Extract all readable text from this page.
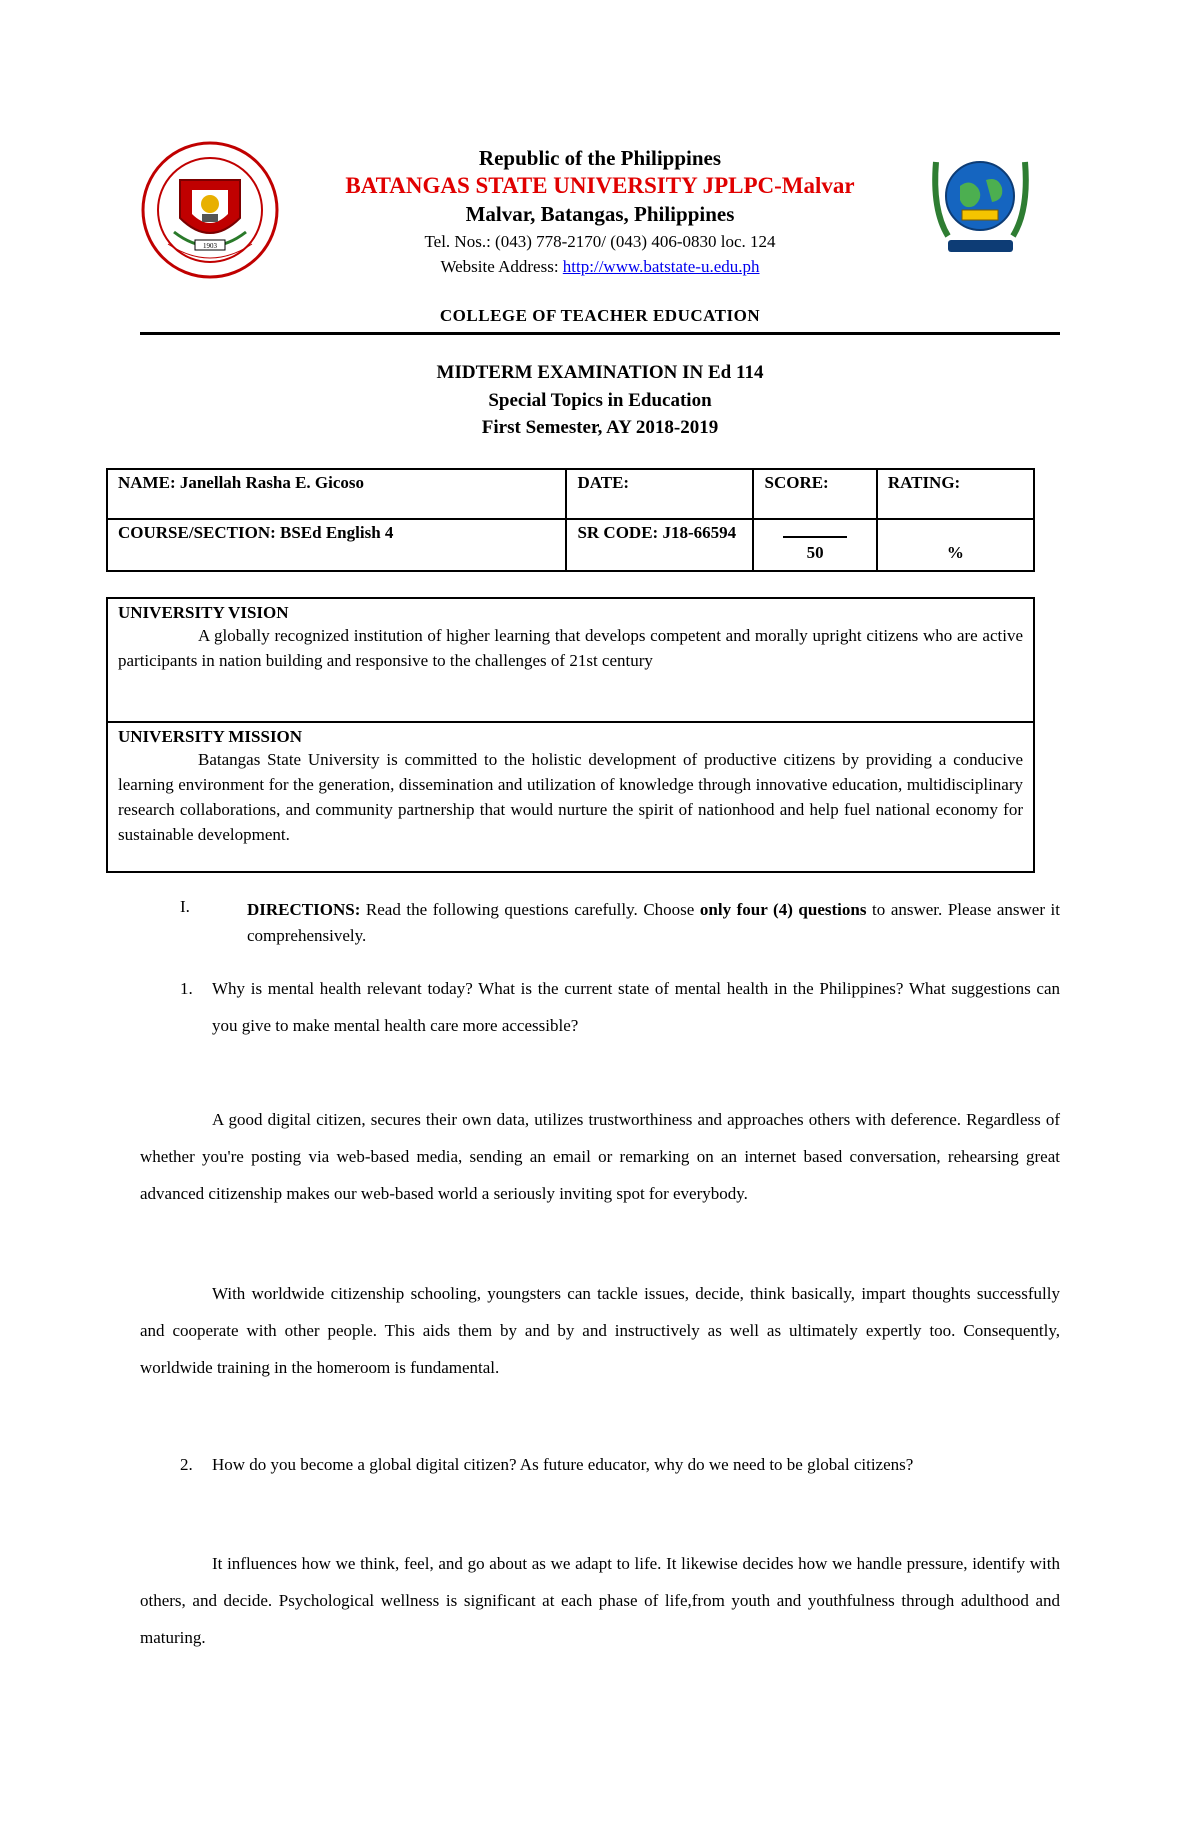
1903
Republic of the Philippines
BATANGAS STATE UNIVERSITY JPLPC-Malvar
Malvar, Batangas, Philippines
Tel. Nos.: (043) 778-2170/ (043) 406-0830 loc. 124
Website Address: http://www.batstate-u.edu.ph
COLLEGE OF TEACHER EDUCATION
MIDTERM EXAMINATION IN Ed 114
Special Topics in Education
First Semester, AY 2018-2019
NAME: Janellah Rasha E. Gicoso	DATE:	SCORE:	RATING:
COURSE/SECTION: BSEd English 4	SR CODE: J18-66594	50	%
UNIVERSITY VISION
A globally recognized institution of higher learning that develops competent and morally upright citizens who are active participants in nation building and responsive to the challenges of 21st century
UNIVERSITY MISSION
Batangas State University is committed to the holistic development of productive citizens by providing a conducive learning environment for the generation, dissemination and utilization of knowledge through innovative education, multidisciplinary research collaborations, and community partnership that would nurture the spirit of nationhood and help fuel national economy for sustainable development.
I.	DIRECTIONS: Read the following questions carefully. Choose only four (4) questions to answer. Please answer it comprehensively.
1. Why is mental health relevant today? What is the current state of mental health in the Philippines? What suggestions can you give to make mental health care more accessible?
A good digital citizen, secures their own data, utilizes trustworthiness and approaches others with deference. Regardless of whether you're posting via web-based media, sending an email or remarking on an internet based conversation, rehearsing great advanced citizenship makes our web-based world a seriously inviting spot for everybody.
With worldwide citizenship schooling, youngsters can tackle issues, decide, think basically, impart thoughts successfully and cooperate with other people. This aids them by and by and instructively as well as ultimately expertly too. Consequently, worldwide training in the homeroom is fundamental.
2. How do you become a global digital citizen? As future educator, why do we need to be global citizens?
It influences how we think, feel, and go about as we adapt to life. It likewise decides how we handle pressure, identify with others, and decide. Psychological wellness is significant at each phase of life,from youth and youthfulness through adulthood and maturing.
